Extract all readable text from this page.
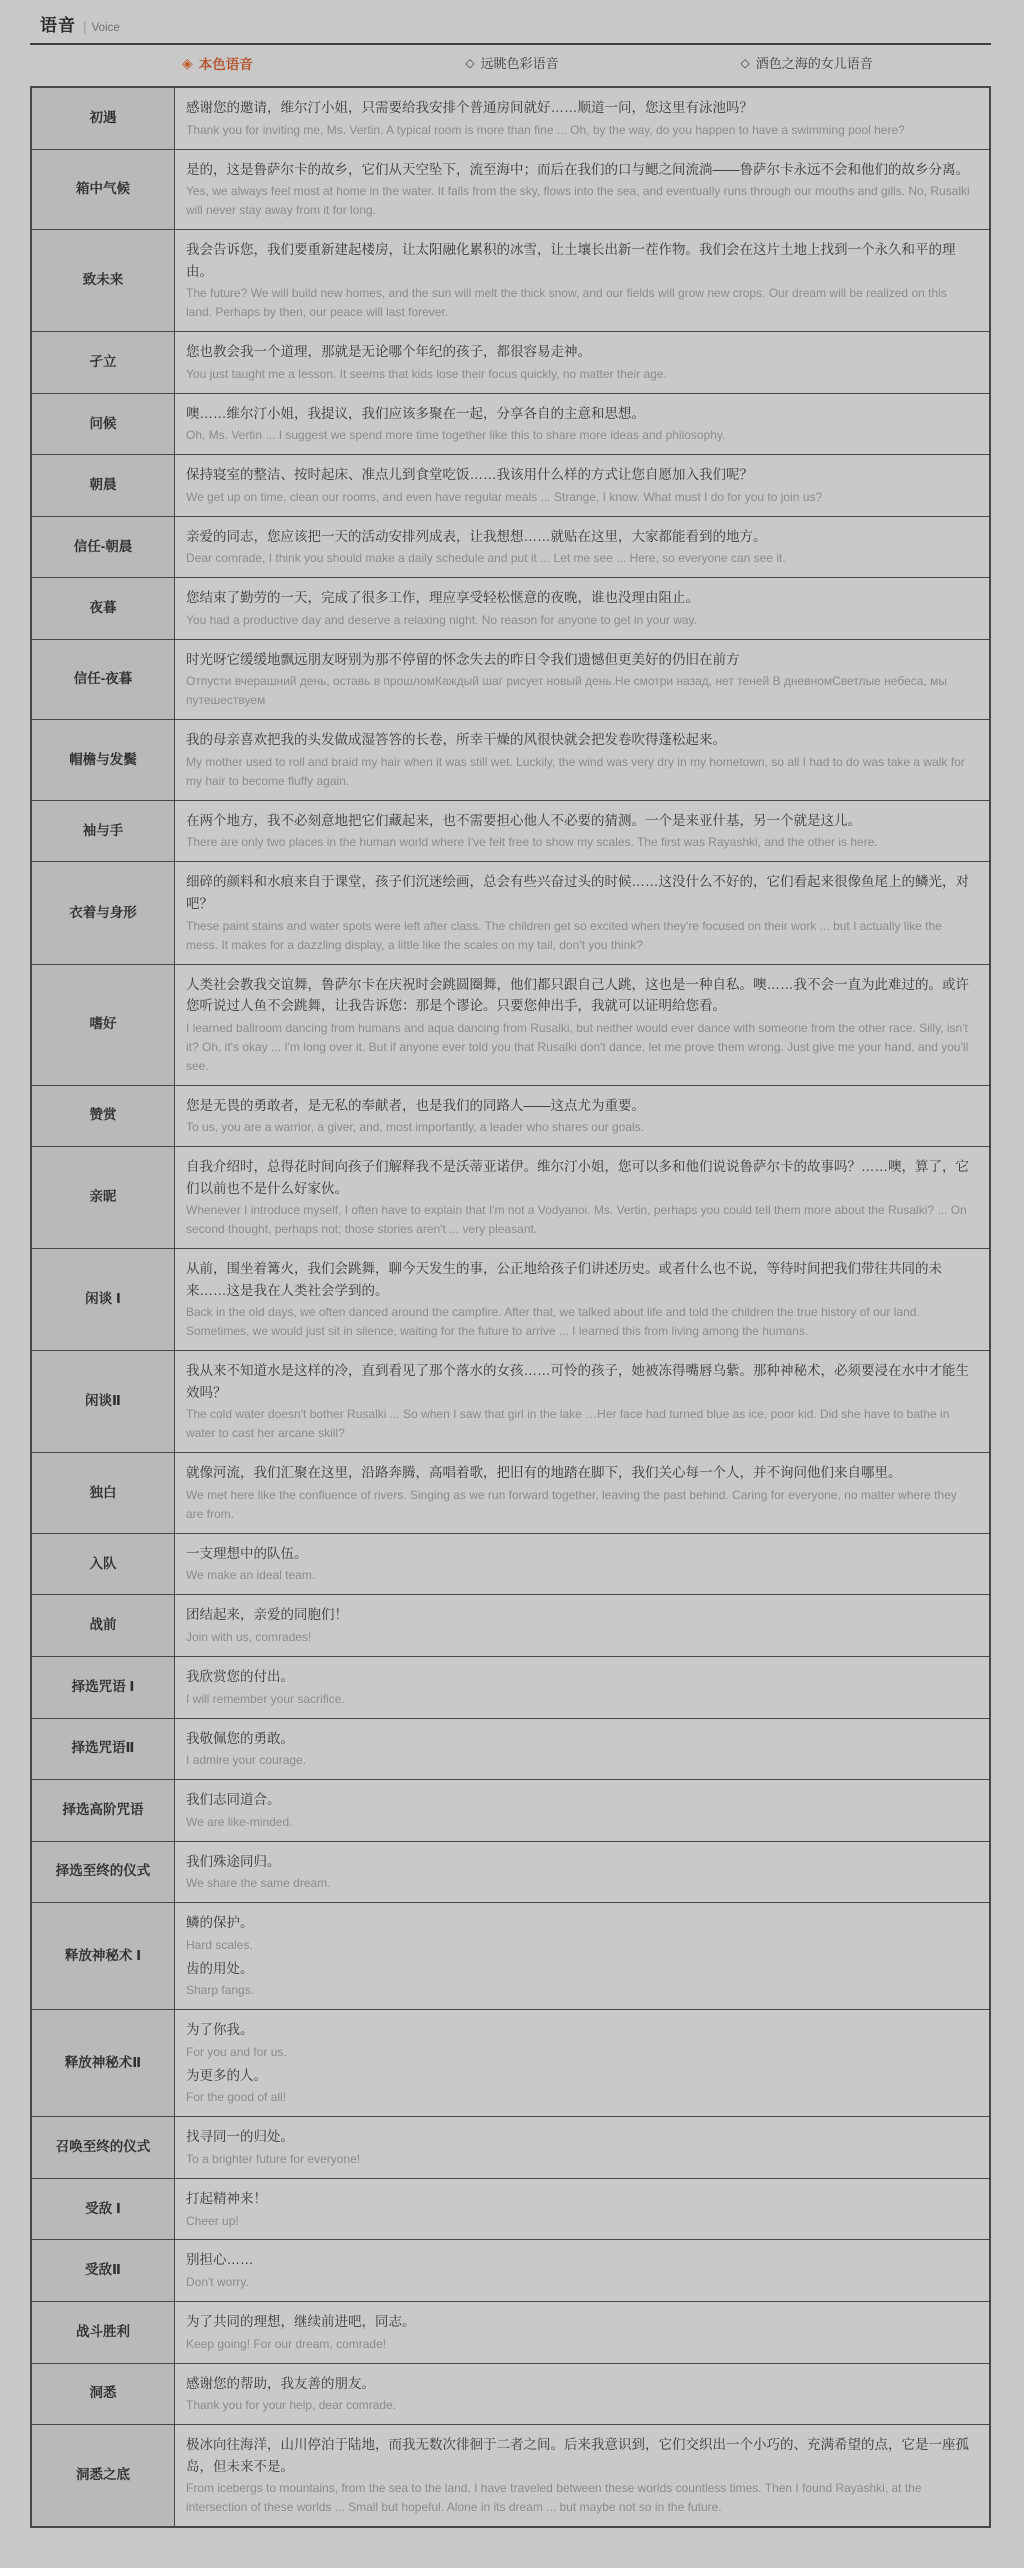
语音 | Voice
◈ 本色语音	◇ 远眺色彩语音	◇ 酒色之海的女儿语音
初遇

感谢您的邀请，维尔汀小姐，只需要给我安排个普通房间就好……顺道一问，您这里有泳池吗？

Thank you for inviting me, Ms. Vertin. A typical room is more than fine ... Oh, by the way, do you happen to have a swimming pool here?

箱中气候

是的，这是鲁萨尔卡的故乡，它们从天空坠下，流至海中；而后在我们的口与鳃之间流淌——鲁萨尔卡永远不会和他们的故乡分离。

Yes, we always feel most at home in the water. It falls from the sky, flows into the sea, and eventually runs through our mouths and gills. No, Rusalki will never stay away from it for long.

致未来

我会告诉您，我们要重新建起楼房，让太阳融化累积的冰雪，让土壤长出新一茬作物。我们会在这片土地上找到一个永久和平的理由。

The future? We will build new homes, and the sun will melt the thick snow, and our fields will grow new crops. Our dream will be realized on this land. Perhaps by then, our peace will last forever.

孑立

您也教会我一个道理，那就是无论哪个年纪的孩子，都很容易走神。

You just taught me a lesson. It seems that kids lose their focus quickly, no matter their age.

问候

噢……维尔汀小姐，我提议，我们应该多聚在一起，分享各自的主意和思想。

Oh, Ms. Vertin ... I suggest we spend more time together like this to share more ideas and philosophy.

朝晨

保持寝室的整洁、按时起床、准点儿到食堂吃饭……我该用什么样的方式让您自愿加入我们呢？

We get up on time, clean our rooms, and even have regular meals ... Strange, I know. What must I do for you to join us?

信任-朝晨

亲爱的同志，您应该把一天的活动安排列成表，让我想想……就贴在这里，大家都能看到的地方。

Dear comrade, I think you should make a daily schedule and put it ... Let me see ... Here, so everyone can see it.

夜暮

您结束了勤劳的一天，完成了很多工作，理应享受轻松惬意的夜晚，谁也没理由阻止。

You had a productive day and deserve a relaxing night. No reason for anyone to get in your way.

信任-夜暮

时光呀它缓缓地飘远朋友呀别为那不停留的怀念失去的昨日令我们遗憾但更美好的仍旧在前方

Отпусти вчерашний день, оставь в прошломКаждый шаг рисует новый день.Не смотри назад, нет теней В дневномСветлые небеса, мы путешествуем

帽檐与发鬓

我的母亲喜欢把我的头发做成湿答答的长卷，所幸干燥的风很快就会把发卷吹得蓬松起来。

My mother used to roll and braid my hair when it was still wet. Luckily, the wind was very dry in my hometown, so all I had to do was take a walk for my hair to become fluffy again.

袖与手

在两个地方，我不必刻意地把它们藏起来，也不需要担心他人不必要的猜测。一个是来亚什基，另一个就是这儿。

There are only two places in the human world where I've felt free to show my scales. The first was Rayashki, and the other is here.

衣着与身形

细碎的颜料和水痕来自于课堂，孩子们沉迷绘画，总会有些兴奋过头的时候……这没什么不好的，它们看起来很像鱼尾上的鳞光，对吧？

These paint stains and water spots were left after class. The children get so excited when they're focused on their work ... but I actually like the mess. It makes for a dazzling display, a little like the scales on my tail, don't you think?

嗜好

人类社会教我交谊舞，鲁萨尔卡在庆祝时会跳圆圈舞，他们都只跟自己人跳，这也是一种自私。噢……我不会一直为此难过的。或许您听说过人鱼不会跳舞，让我告诉您：那是个谬论。只要您伸出手，我就可以证明给您看。

I learned ballroom dancing from humans and aqua dancing from Rusalki, but neither would ever dance with someone from the other race. Silly, isn't it? Oh, it's okay ... I'm long over it. But if anyone ever told you that Rusalki don't dance, let me prove them wrong. Just give me your hand, and you'll see.

赞赏

您是无畏的勇敢者，是无私的奉献者，也是我们的同路人——这点尤为重要。

To us, you are a warrior, a giver, and, most importantly, a leader who shares our goals.

亲昵

自我介绍时，总得花时间向孩子们解释我不是沃蒂亚诺伊。维尔汀小姐，您可以多和他们说说鲁萨尔卡的故事吗？……噢，算了，它们以前也不是什么好家伙。

Whenever I introduce myself, I often have to explain that I'm not a Vodyanoi. Ms. Vertin, perhaps you could tell them more about the Rusalki? ... On second thought, perhaps not; those stories aren't ... very pleasant.

闲谈 Ⅰ

从前，围坐着篝火，我们会跳舞，聊今天发生的事，公正地给孩子们讲述历史。或者什么也不说，等待时间把我们带往共同的未来……这是我在人类社会学到的。

Back in the old days, we often danced around the campfire. After that, we talked about life and told the children the true history of our land. Sometimes, we would just sit in silence, waiting for the future to arrive ... I learned this from living among the humans.

闲谈Ⅱ

我从来不知道水是这样的冷，直到看见了那个落水的女孩……可怜的孩子，她被冻得嘴唇乌紫。那种神秘术，必须要浸在水中才能生效吗？

The cold water doesn't bother Rusalki ... So when I saw that girl in the lake …Her face had turned blue as ice, poor kid. Did she have to bathe in water to cast her arcane skill?

独白

就像河流，我们汇聚在这里，沿路奔腾，高唱着歌，把旧有的地踏在脚下，我们关心每一个人，并不询问他们来自哪里。

We met here like the confluence of rivers. Singing as we run forward together, leaving the past behind. Caring for everyone, no matter where they are from.

入队

一支理想中的队伍。

We make an ideal team.

战前

团结起来，亲爱的同胞们！

Join with us, comrades!

择选咒语 Ⅰ

我欣赏您的付出。

I will remember your sacrifice.

择选咒语Ⅱ

我敬佩您的勇敢。

I admire your courage.

择选高阶咒语

我们志同道合。

We are like-minded.

择选至终的仪式

我们殊途同归。

We share the same dream.

释放神秘术 Ⅰ

鳞的保护。

Hard scales.

齿的用处。

Sharp fangs.

释放神秘术Ⅱ

为了你我。

For you and for us.

为更多的人。

For the good of all!

召唤至终的仪式

找寻同一的归处。

To a brighter future for everyone!

受敌 Ⅰ

打起精神来！

Cheer up!

受敌Ⅱ

别担心……

Don't worry.

战斗胜利

为了共同的理想，继续前进吧，同志。

Keep going! For our dream, comrade!

洞悉

感谢您的帮助，我友善的朋友。

Thank you for your help, dear comrade.

洞悉之底

极冰向往海洋，山川停泊于陆地，而我无数次徘徊于二者之间。后来我意识到，它们交织出一个小巧的、充满希望的点，它是一座孤岛，但未来不是。

From icebergs to mountains, from the sea to the land, I have traveled between these worlds countless times. Then I found Rayashki, at the intersection of these worlds ... Small but hopeful. Alone in its dream ... but maybe not so in the future.
